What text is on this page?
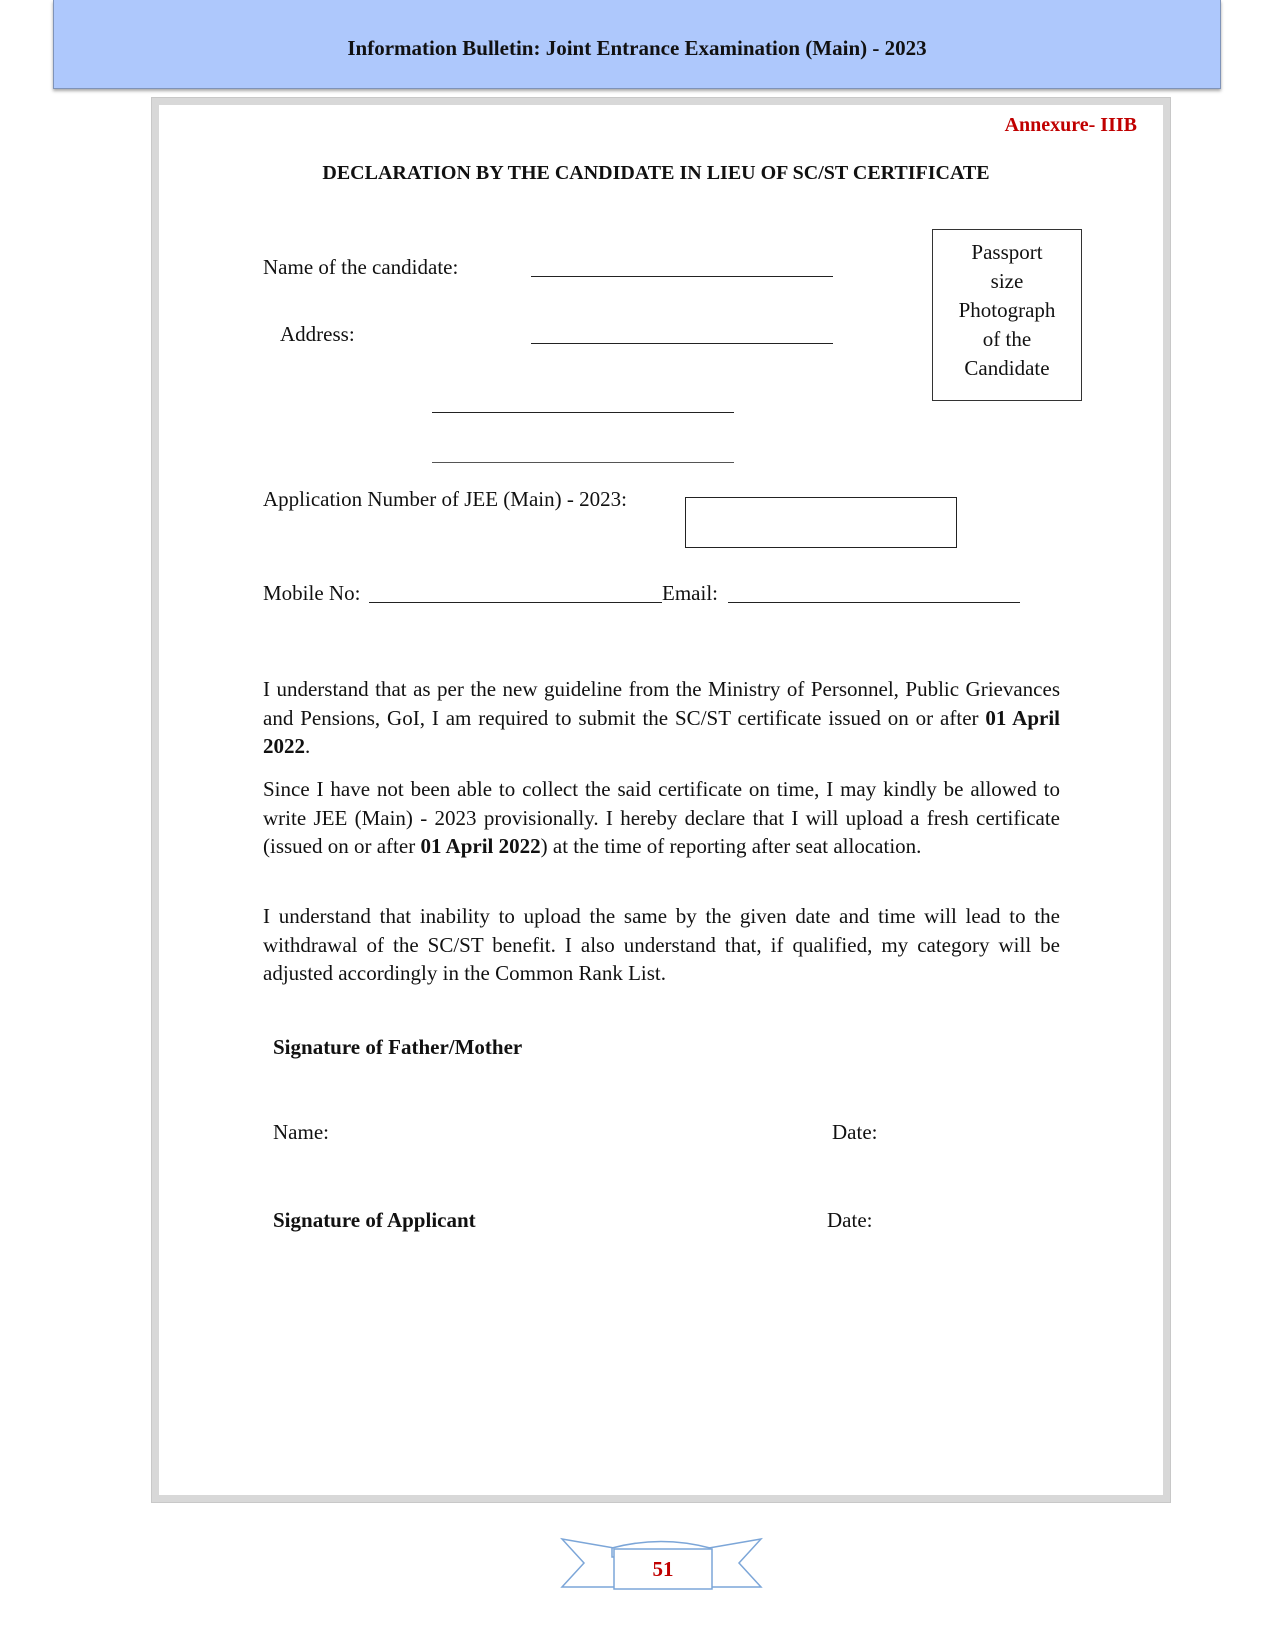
Information Bulletin: Joint Entrance Examination (Main) - 2023
Annexure- IIIB
DECLARATION BY THE CANDIDATE IN LIEU OF SC/ST CERTIFICATE
Name of the candidate:
Address:
Passport
size
Photograph
of the
Candidate
Application Number of JEE (Main) - 2023:
Mobile No:	Email:
I understand that as per the new guideline from the Ministry of Personnel, Public Grievances and Pensions, GoI, I am required to submit the SC/ST certificate issued on or after 01 April 2022.
Since I have not been able to collect the said certificate on time, I may kindly be allowed to write JEE (Main) - 2023 provisionally. I hereby declare that I will upload a fresh certificate (issued on or after 01 April 2022) at the time of reporting after seat allocation.
I understand that inability to upload the same by the given date and time will lead to the withdrawal of the SC/ST benefit. I also understand that, if qualified, my category will be adjusted accordingly in the Common Rank List.
Signature of Father/Mother
Name:	Date:
Signature of Applicant	Date:
51
